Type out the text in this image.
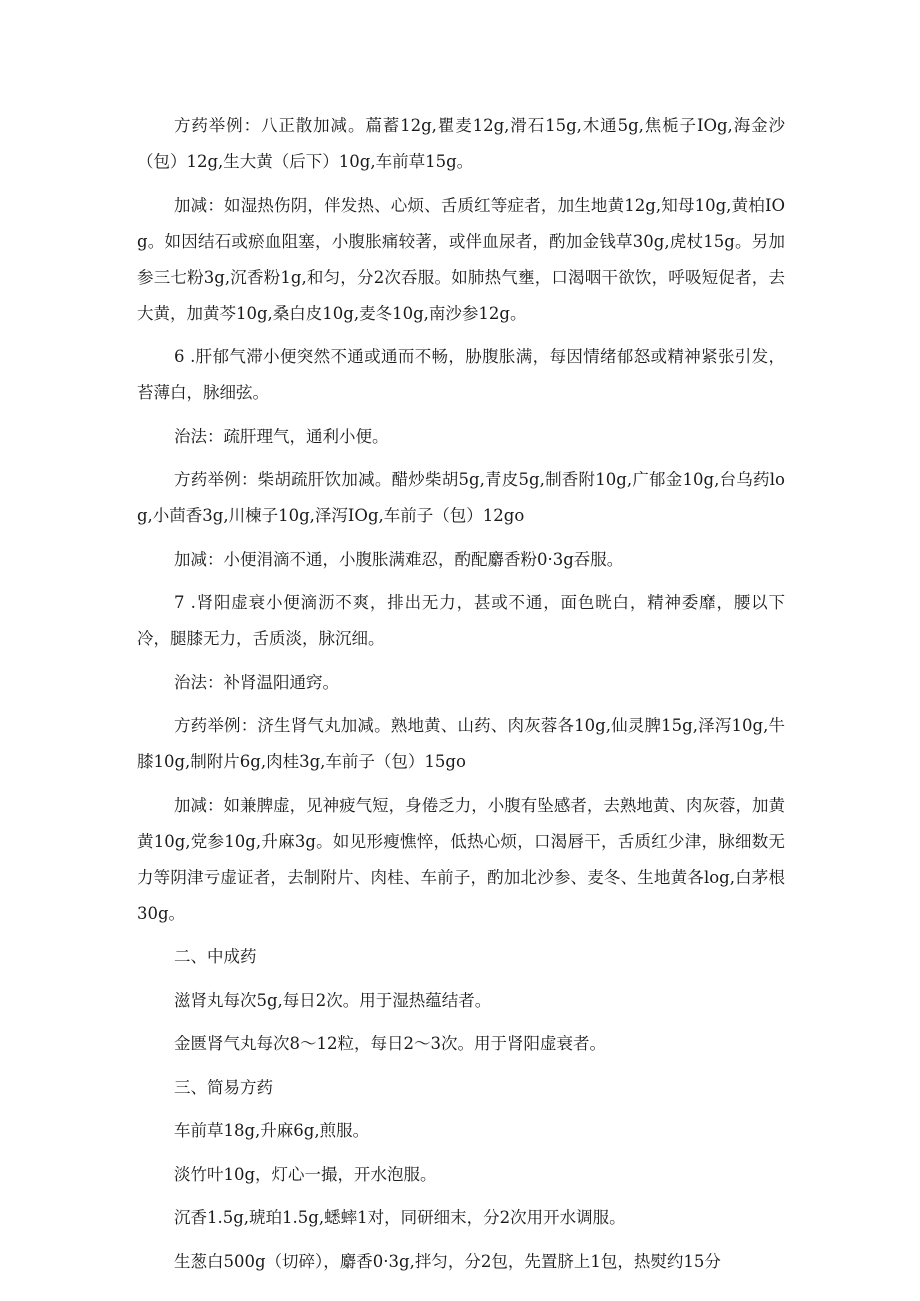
方药举例：八正散加减。萹蓄12g,瞿麦12g,滑石15g,木通5g,焦栀子IOg,海金沙（包）12g,生大黄（后下）10g,车前草15g。

加减：如湿热伤阴，伴发热、心烦、舌质红等症者，加生地黄12g,知母10g,黄柏IOg。如因结石或瘀血阻塞，小腹胀痛较著，或伴血尿者，酌加金钱草30g,虎杖15g。另加参三七粉3g,沉香粉1g,和匀，分2次吞服。如肺热气壅，口渴咽干欲饮，呼吸短促者，去大黄，加黄芩10g,桑白皮10g,麦冬10g,南沙参12g。

6 .肝郁气滞小便突然不通或通而不畅，胁腹胀满，每因情绪郁怒或精神紧张引发，苔薄白，脉细弦。

治法：疏肝理气，通利小便。

方药举例：柴胡疏肝饮加减。醋炒柴胡5g,青皮5g,制香附10g,广郁金10g,台乌药log,小茴香3g,川楝子10g,泽泻IOg,车前子（包）12go

加减：小便涓滴不通，小腹胀满难忍，酌配麝香粉0·3g吞服。

7 .肾阳虚衰小便滴沥不爽，排出无力，甚或不通，面色晄白，精神委靡，腰以下冷，腿膝无力，舌质淡，脉沉细。

治法：补肾温阳通窍。

方药举例：济生肾气丸加减。熟地黄、山药、肉灰蓉各10g,仙灵脾15g,泽泻10g,牛膝10g,制附片6g,肉桂3g,车前子（包）15go

加减：如兼脾虚，见神疲气短，身倦乏力，小腹有坠感者，去熟地黄、肉灰蓉，加黄黄10g,党参10g,升麻3g。如见形瘦憔悴，低热心烦，口渴唇干，舌质红少津，脉细数无力等阴津亏虚证者，去制附片、肉桂、车前子，酌加北沙参、麦冬、生地黄各log,白茅根30g。

二、中成药

滋肾丸每次5g,每日2次。用于湿热蕴结者。

金匮肾气丸每次8～12粒，每日2～3次。用于肾阳虚衰者。

三、简易方药

车前草18g,升麻6g,煎服。

淡竹叶10g，灯心一撮，开水泡服。

沉香1.5g,琥珀1.5g,蟋蟀1对，同研细末，分2次用开水调服。

生葱白500g（切碎），麝香0·3g,拌匀，分2包，先置脐上1包，热熨约15分
